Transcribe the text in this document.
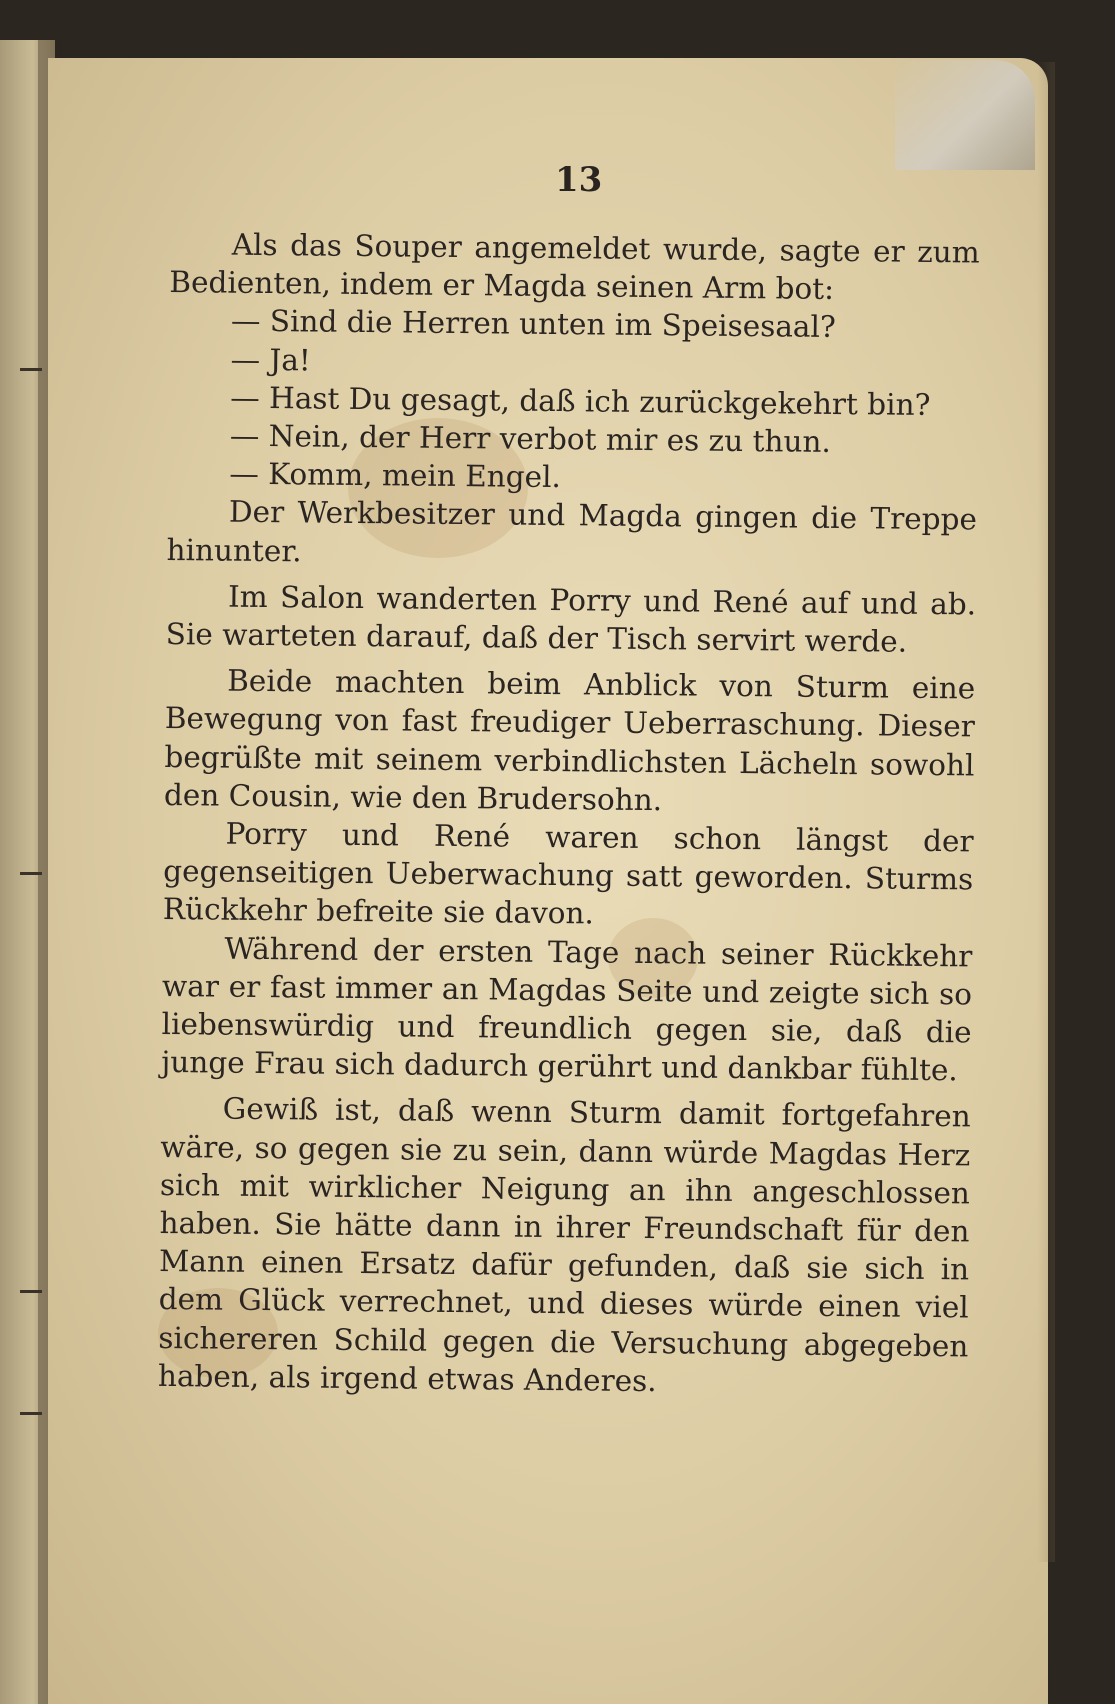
13

Als das Souper angemeldet wurde, sagte er zum Bedienten, indem er Magda seinen Arm bot:

— Sind die Herren unten im Speisesaal?

— Ja!

— Hast Du gesagt, daß ich zurückgekehrt bin?

— Nein, der Herr verbot mir es zu thun.

— Komm, mein Engel.

Der Werkbesitzer und Magda gingen die Treppe hinunter.

Im Salon wanderten Porry und René auf und ab. Sie warteten darauf, daß der Tisch servirt werde.

Beide machten beim Anblick von Sturm eine Bewegung von fast freudiger Ueberraschung. Dieser begrüßte mit seinem verbindlichsten Lächeln sowohl den Cousin, wie den Brudersohn.

Porry und René waren schon längst der gegenseitigen Ueberwachung satt geworden. Sturms Rückkehr befreite sie davon.

Während der ersten Tage nach seiner Rückkehr war er fast immer an Magdas Seite und zeigte sich so liebenswürdig und freundlich gegen sie, daß die junge Frau sich dadurch gerührt und dankbar fühlte.

Gewiß ist, daß wenn Sturm damit fortgefahren wäre, so gegen sie zu sein, dann würde Magdas Herz sich mit wirklicher Neigung an ihn angeschlossen haben. Sie hätte dann in ihrer Freundschaft für den Mann einen Ersatz dafür gefunden, daß sie sich in dem Glück verrechnet, und dieses würde einen viel sichereren Schild gegen die Versuchung abgegeben haben, als irgend etwas Anderes.
